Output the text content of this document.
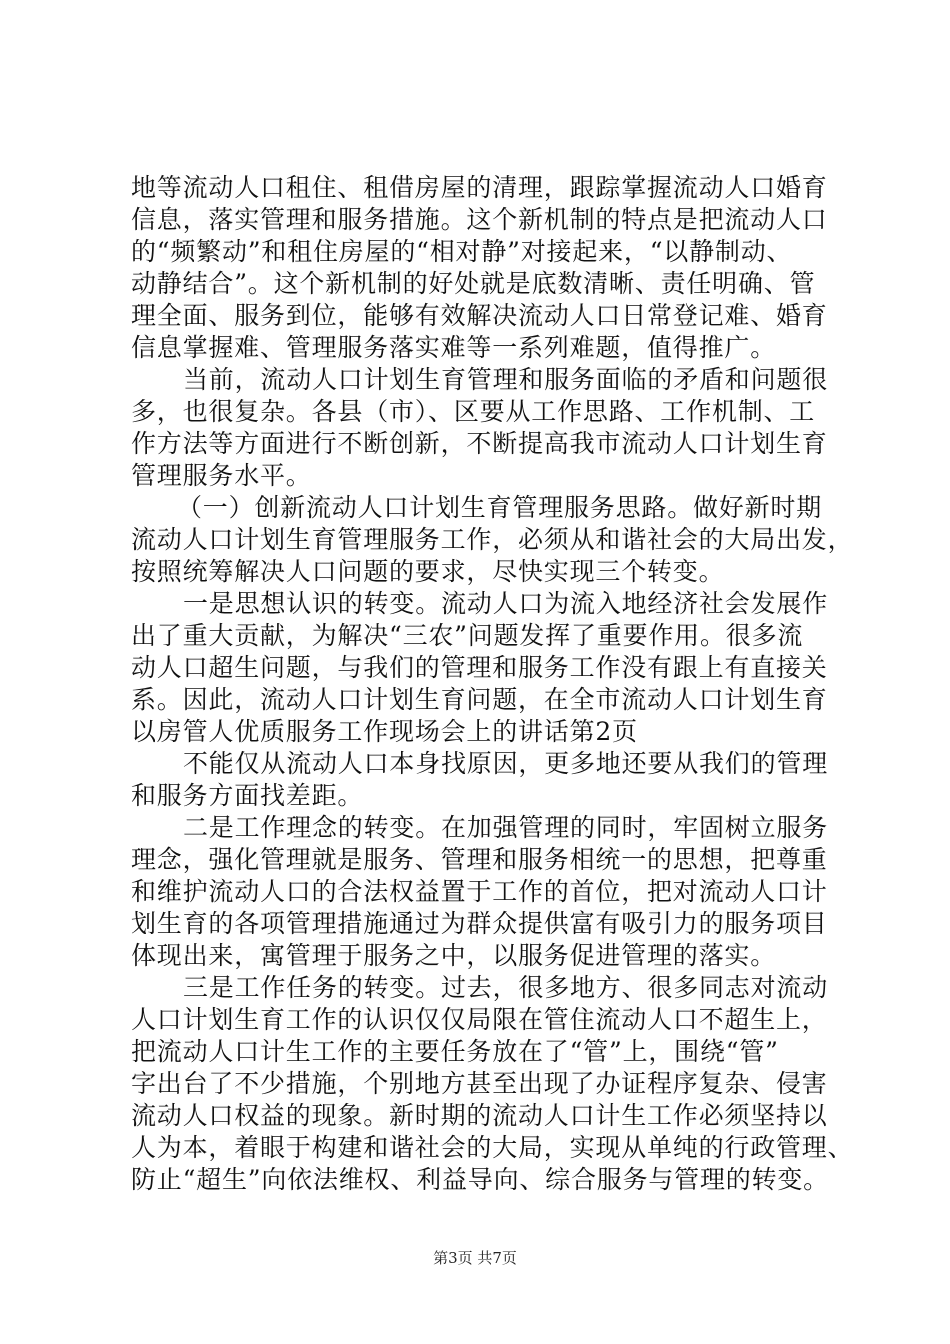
地等流动人口租住、租借房屋的清理，跟踪掌握流动人口婚育
信息，落实管理和服务措施。这个新机制的特点是把流动人口
的“频繁动”和租住房屋的“相对静”对接起来，“以静制动、
动静结合”。这个新机制的好处就是底数清晰、责任明确、管
理全面、服务到位，能够有效解决流动人口日常登记难、婚育
信息掌握难、管理服务落实难等一系列难题，值得推广。
当前，流动人口计划生育管理和服务面临的矛盾和问题很
多，也很复杂。各县（市）、区要从工作思路、工作机制、工
作方法等方面进行不断创新，不断提高我市流动人口计划生育
管理服务水平。
（一）创新流动人口计划生育管理服务思路。做好新时期
流动人口计划生育管理服务工作，必须从和谐社会的大局出发，
按照统筹解决人口问题的要求，尽快实现三个转变。
一是思想认识的转变。流动人口为流入地经济社会发展作
出了重大贡献，为解决“三农”问题发挥了重要作用。很多流
动人口超生问题，与我们的管理和服务工作没有跟上有直接关
系。因此，流动人口计划生育问题，在全市流动人口计划生育
以房管人优质服务工作现场会上的讲话第2页
不能仅从流动人口本身找原因，更多地还要从我们的管理
和服务方面找差距。
二是工作理念的转变。在加强管理的同时，牢固树立服务
理念，强化管理就是服务、管理和服务相统一的思想，把尊重
和维护流动人口的合法权益置于工作的首位，把对流动人口计
划生育的各项管理措施通过为群众提供富有吸引力的服务项目
体现出来，寓管理于服务之中，以服务促进管理的落实。
三是工作任务的转变。过去，很多地方、很多同志对流动
人口计划生育工作的认识仅仅局限在管住流动人口不超生上，
把流动人口计生工作的主要任务放在了“管”上，围绕“管”
字出台了不少措施，个别地方甚至出现了办证程序复杂、侵害
流动人口权益的现象。新时期的流动人口计生工作必须坚持以
人为本，着眼于构建和谐社会的大局，实现从单纯的行政管理、
防止“超生”向依法维权、利益导向、综合服务与管理的转变。
第3页 共7页
